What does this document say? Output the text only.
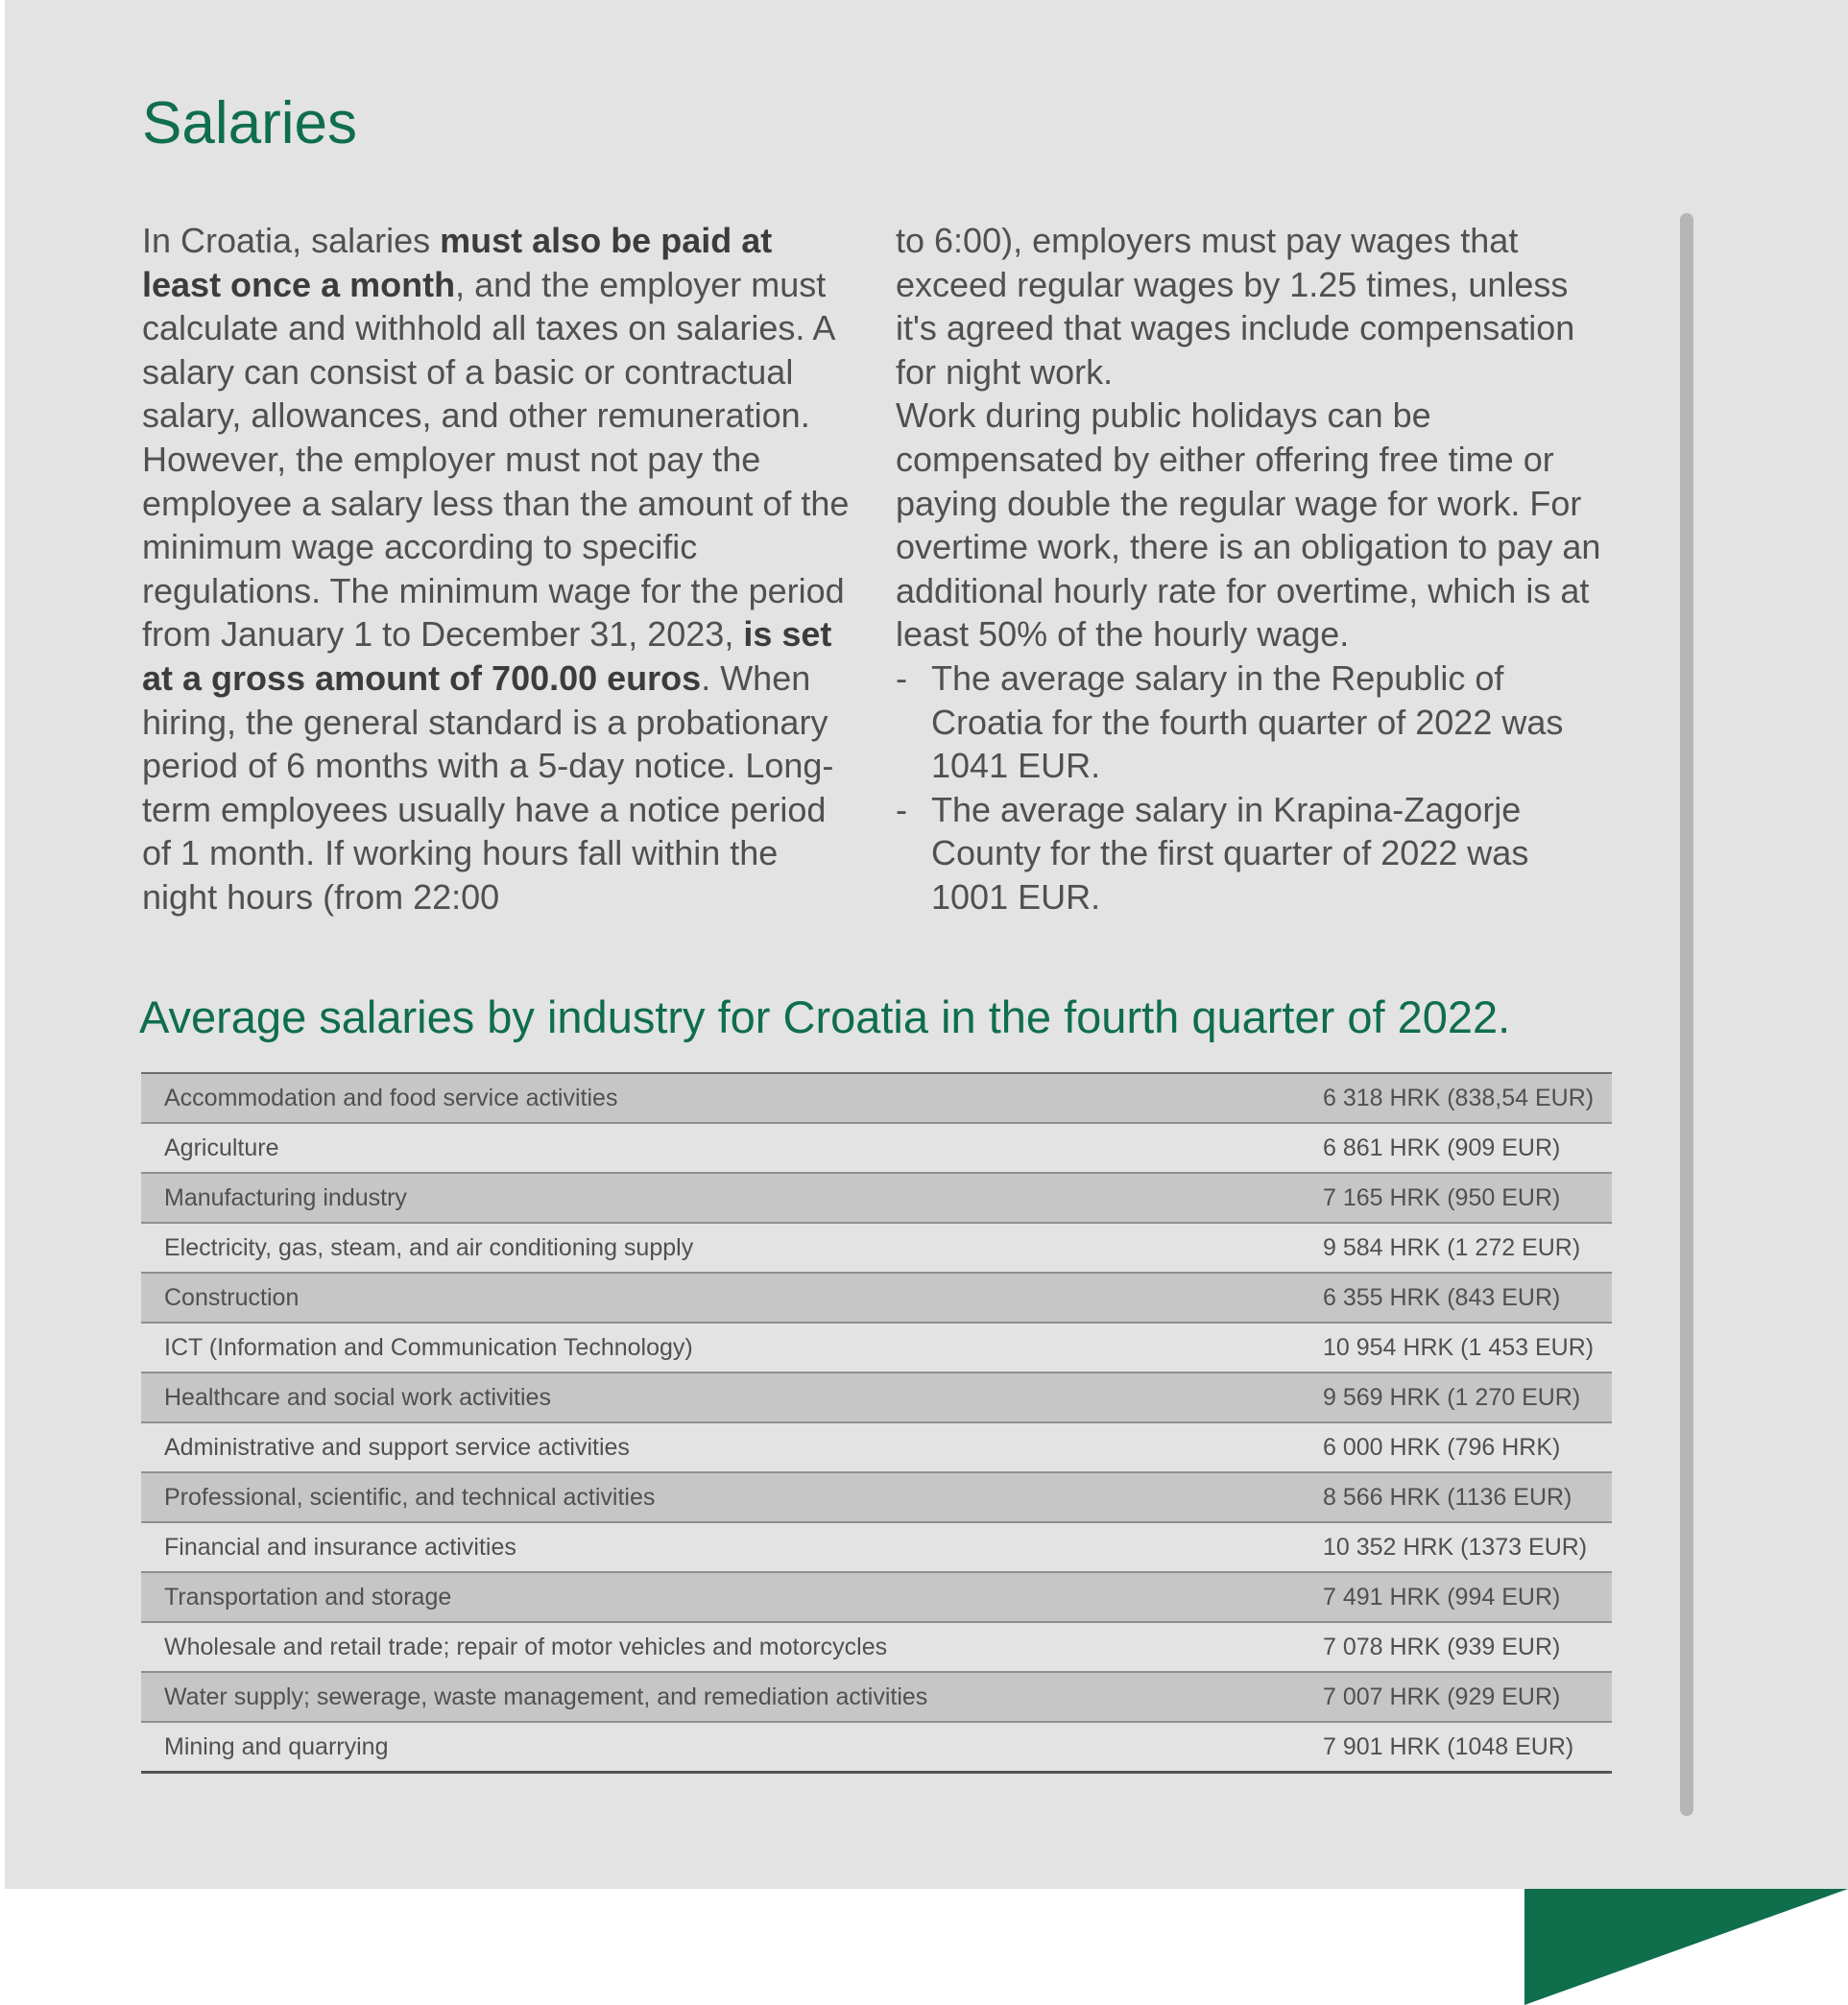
Salaries

In Croatia, salaries must also be paid at least once a month, and the employer must calculate and withhold all taxes on salaries. A salary can consist of a basic or contractual salary, allowances, and other remuneration. However, the employer must not pay the employee a salary less than the amount of the minimum wage according to specific regulations. The minimum wage for the period from January 1 to December 31, 2023, is set at a gross amount of 700.00 euros. When hiring, the general standard is a probationary period of 6 months with a 5-day notice. Long-term employees usually have a notice period of 1 month. If working hours fall within the night hours (from 22:00

to 6:00), employers must pay wages that exceed regular wages by 1.25 times, unless it's agreed that wages include compensation for night work.

Work during public holidays can be compensated by either offering free time or paying double the regular wage for work. For overtime work, there is an obligation to pay an additional hourly rate for overtime, which is at least 50% of the hourly wage.

- The average salary in the Republic of Croatia for the fourth quarter of 2022 was 1041 EUR.
- The average salary in Krapina-Zagorje County for the first quarter of 2022 was 1001 EUR.
Average salaries by industry for Croatia in the fourth quarter of 2022.
Accommodation and food service activities	6 318 HRK (838,54 EUR)
Agriculture	6 861 HRK (909 EUR)
Manufacturing industry	7 165 HRK (950 EUR)
Electricity, gas, steam, and air conditioning supply	9 584 HRK (1 272 EUR)
Construction	6 355 HRK (843 EUR)
ICT (Information and Communication Technology)	10 954 HRK (1 453 EUR)
Healthcare and social work activities	9 569 HRK (1 270 EUR)
Administrative and support service activities	6 000 HRK (796 HRK)
Professional, scientific, and technical activities	8 566 HRK (1136 EUR)
Financial and insurance activities	10 352 HRK (1373 EUR)
Transportation and storage	7 491 HRK (994 EUR)
Wholesale and retail trade; repair of motor vehicles and motorcycles	7 078 HRK (939 EUR)
Water supply; sewerage, waste management, and remediation activities	7 007 HRK (929 EUR)
Mining and quarrying	7 901 HRK (1048 EUR)
